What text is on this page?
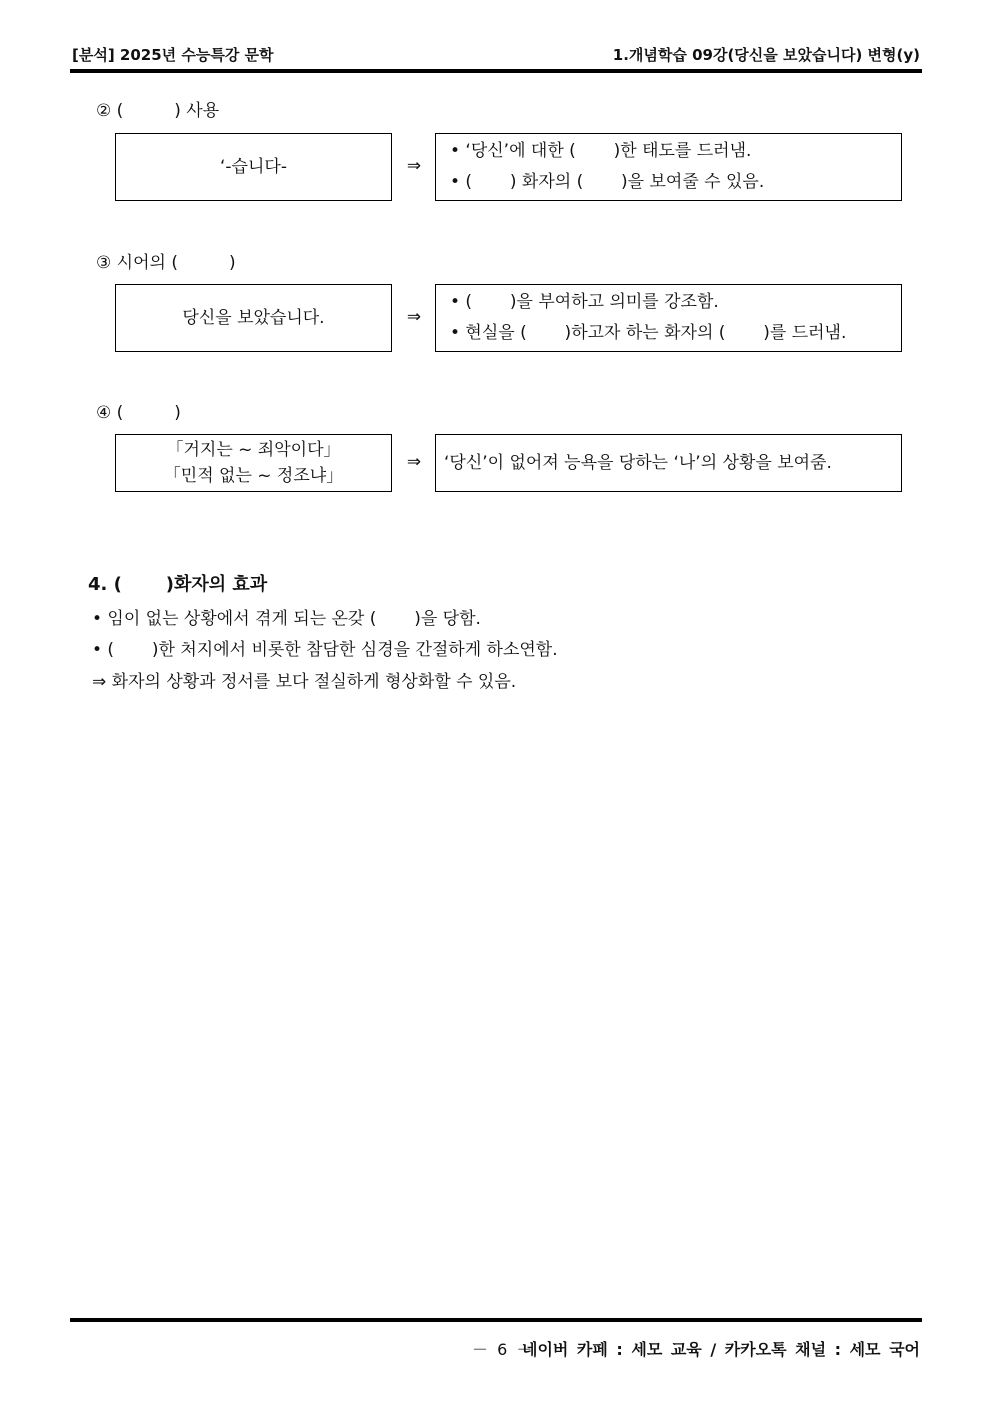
[분석] 2025년 수능특강 문학	1.개념학습 09강(당신을 보았습니다) 변형(y)
② (　　　) 사용
‘-습니다-	⇒
• ‘당신’에 대한 (       )한 태도를 드러냄.
• (       ) 화자의 (       )을 보여줄 수 있음.
③ 시어의 (　　　)
당신을 보았습니다.	⇒
• (       )을 부여하고 의미를 강조함.
• 현실을 (       )하고자 하는 화자의 (       )를 드러냄.
④ (　　　)
「거지는 ~ 죄악이다」
「민적 없는 ~ 정조냐」
⇒ ‘당신’이 없어져 능욕을 당하는 ‘나’의 상황을 보여줌.
4. (       )화자의 효과
• 임이 없는 상황에서 겪게 되는 온갖 (       )을 당함.
• (       )한 처지에서 비롯한 참담한 심경을 간절하게 하소연함.
⇒ 화자의 상황과 정서를 보다 절실하게 형상화할 수 있음.
－ 6 －
네이버 카페 : 세모 교육 / 카카오톡 채널 : 세모 국어
